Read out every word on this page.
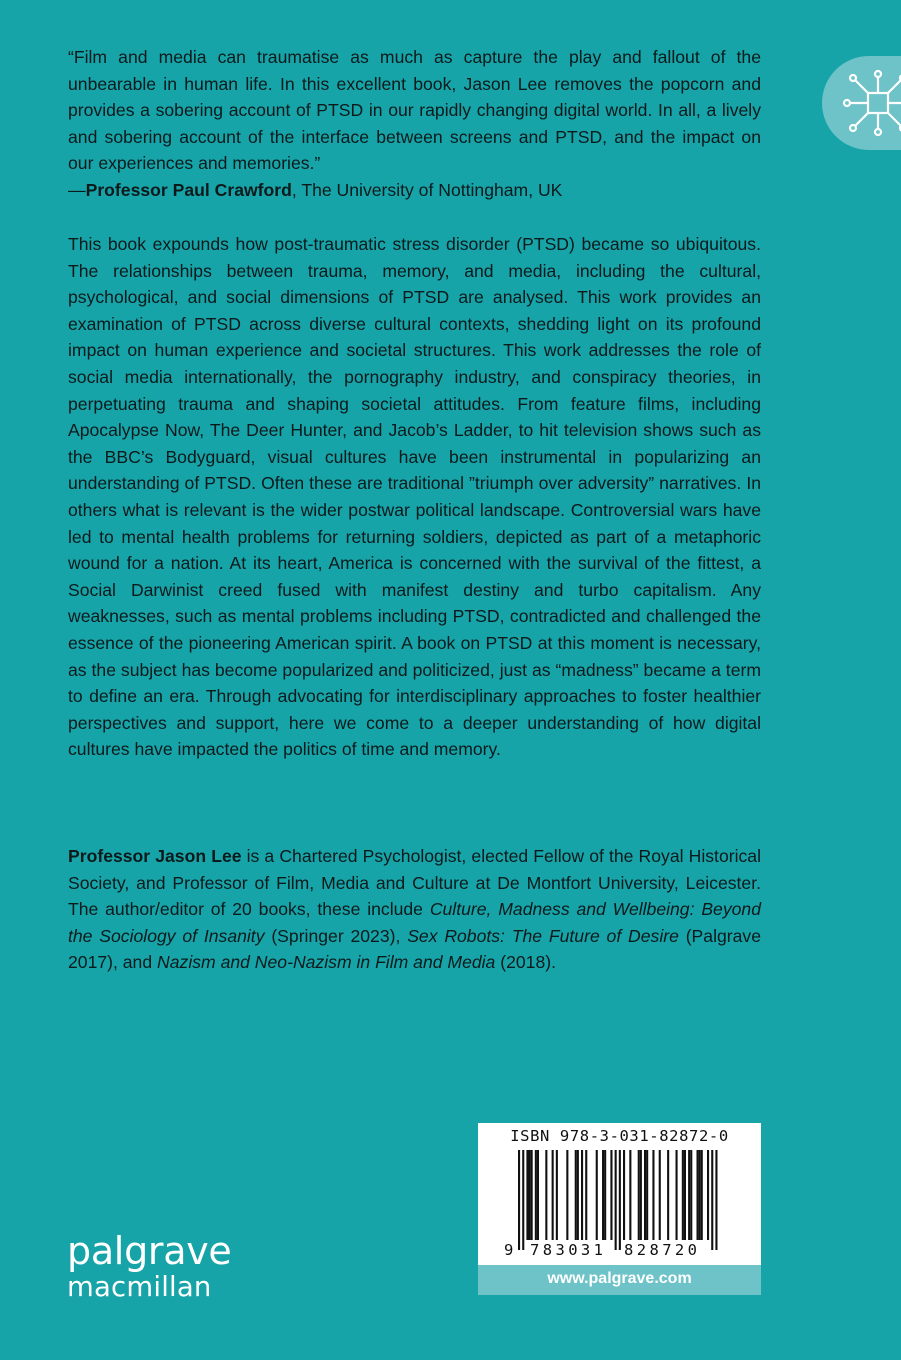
“Film and media can traumatise as much as capture the play and fallout of the unbearable in human life. In this excellent book, Jason Lee removes the popcorn and provides a sobering account of PTSD in our rapidly changing digital world. In all, a lively and sobering account of the interface between screens and PTSD, and the impact on our experiences and memories.”
—Professor Paul Crawford, The University of Nottingham, UK
This book expounds how post-traumatic stress disorder (PTSD) became so ubiquitous. The relationships between trauma, memory, and media, including the cultural, psychological, and social dimensions of PTSD are analysed. This work provides an examination of PTSD across diverse cultural contexts, shedding light on its profound impact on human experience and societal structures. This work addresses the role of social media internationally, the pornography industry, and conspiracy theories, in perpetuating trauma and shaping societal attitudes. From feature films, including Apocalypse Now, The Deer Hunter, and Jacob’s Ladder, to hit television shows such as the BBC’s Bodyguard, visual cultures have been instrumental in popularizing an understanding of PTSD. Often these are traditional ”triumph over adversity” narratives. In others what is relevant is the wider postwar political landscape. Controversial wars have led to mental health problems for returning soldiers, depicted as part of a metaphoric wound for a nation. At its heart, America is concerned with the survival of the fittest, a Social Darwinist creed fused with manifest destiny and turbo capitalism. Any weaknesses, such as mental problems including PTSD, contradicted and challenged the essence of the pioneering American spirit. A book on PTSD at this moment is necessary, as the subject has become popularized and politicized, just as “madness” became a term to define an era. Through advocating for interdisciplinary approaches to foster healthier perspectives and support, here we come to a deeper understanding of how digital cultures have impacted the politics of time and memory.
Professor Jason Lee is a Chartered Psychologist, elected Fellow of the Royal Historical Society, and Professor of Film, Media and Culture at De Montfort University, Leicester. The author/editor of 20 books, these include Culture, Madness and Wellbeing: Beyond the Sociology of Insanity (Springer 2023), Sex Robots: The Future of Desire (Palgrave 2017), and Nazism and Neo-Nazism in Film and Media (2018).
ISBN 978-3-031-82872-0
9 783031 828720
www.palgrave.com
palgrave
macmillan
